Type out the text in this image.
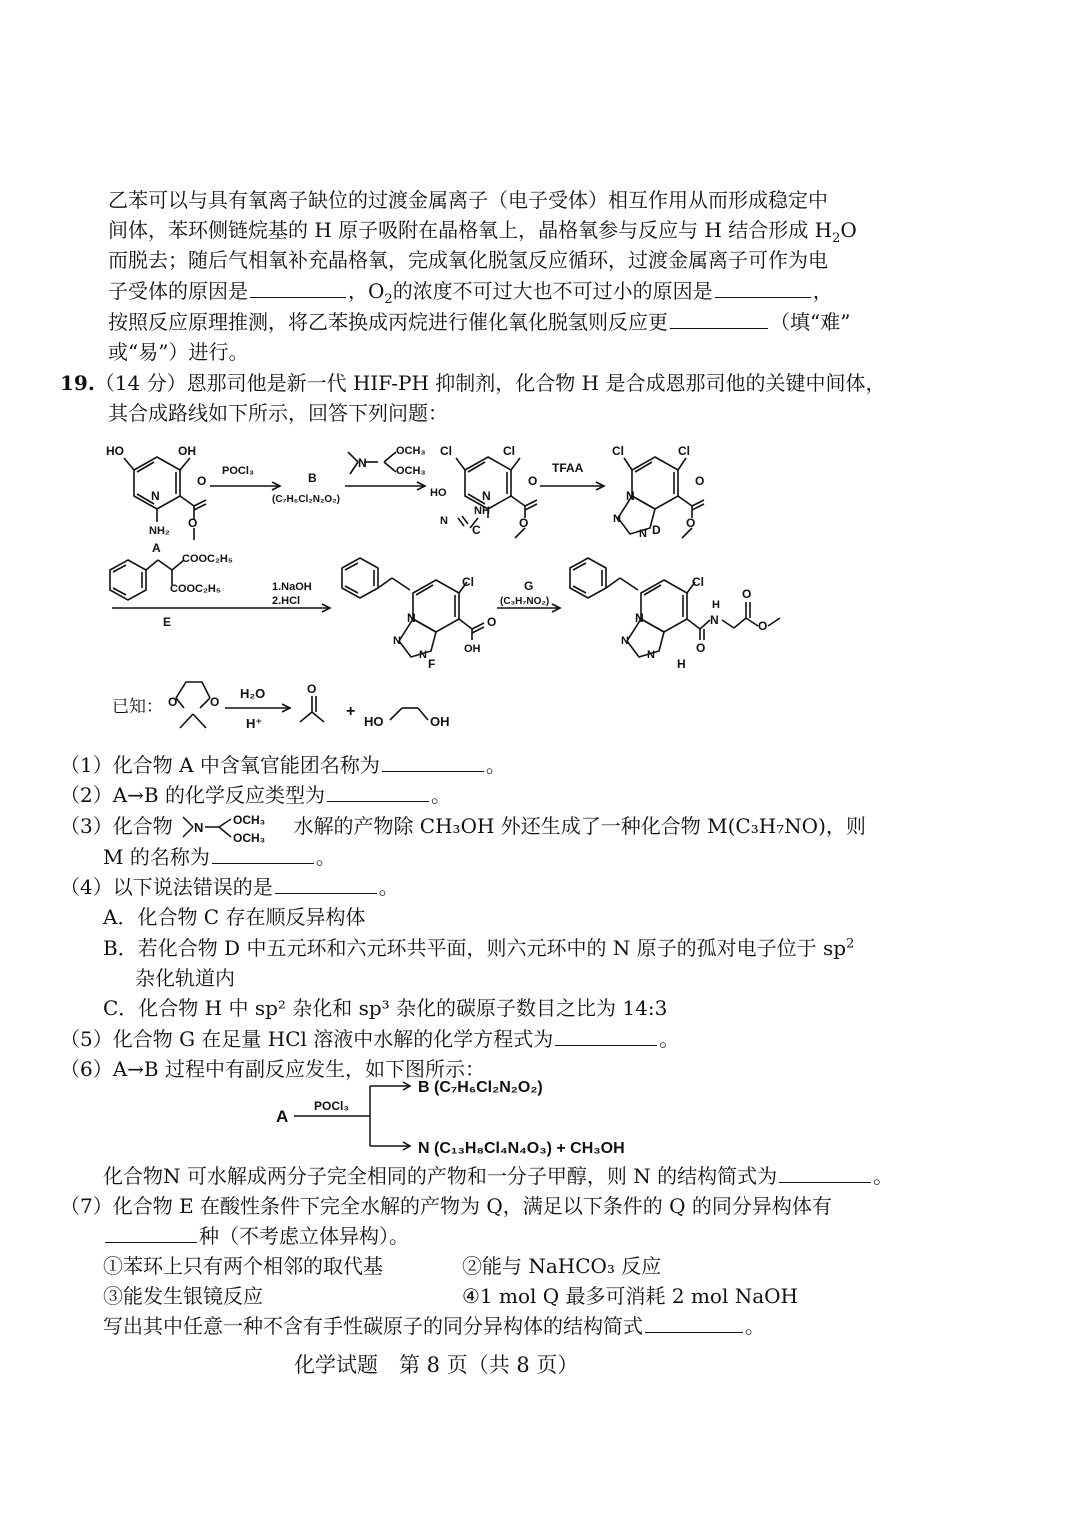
乙苯可以与具有氧离子缺位的过渡金属离子（电子受体）相互作用从而形成稳定中
间体，苯环侧链烷基的 H 原子吸附在晶格氧上，晶格氧参与反应与 H 结合形成 $H_2O$
而脱去；随后气相氧补充晶格氧，完成氧化脱氢反应循环，过渡金属离子可作为电
子受体的原因是	，$O_2$的浓度不可过大也不可过小的原因是	，
按照反应原理推测，将乙苯换成丙烷进行催化氧化脱氢则反应更	（填“难”
或“易”）进行。
19.（14 分）恩那司他是新一代 HIF-PH 抑制剂，化合物 H 是合成恩那司他的关键中间体，
其合成路线如下所示，回答下列问题：
HO	OH
N
NH₂
O
O
A
POCl₃	B
(C₇H₆Cl₂N₂O₂)
N
OCH₃
OCH₃
Cl	Cl
N
O
O
HO
NH
N
C
TFAA
Cl	Cl
N
N
N
O
O
D
COOC₂H₅
COOC₂H₅
E
1.NaOH
2.HCl
Cl
N
N
N
O
OH
F
G
(C₃H₇NO₂)
Cl
N
N
N	O
H
N
O
O
H
已知： O	O
H₂O
H⁺
O
+
HO	OH
（1）化合物 A 中含氧官能团名称为	。
（2）A→B 的化学反应类型为	。
（3）化合物 N OCH₃
OCH₃ 水解的产物除 CH₃OH 外还生成了一种化合物 M(C₃H₇NO)，则
M 的名称为	。
（4）以下说法错误的是	。
A．化合物 C 存在顺反异构体
B．若化合物 D 中五元环和六元环共平面，则六元环中的 N 原子的孤对电子位于 $sp^2$
杂化轨道内
C．化合物 H 中 sp² 杂化和 sp³ 杂化的碳原子数目之比为 14:3
（5）化合物 G 在足量 HCl 溶液中水解的化学方程式为	。
（6）A→B 过程中有副反应发生，如下图所示：
A
POCl₃
B (C₇H₆Cl₂N₂O₂)
N (C₁₃H₈Cl₄N₄O₃) + CH₃OH
化合物N 可水解成两分子完全相同的产物和一分子甲醇，则 N 的结构简式为	。
（7）化合物 E 在酸性条件下完全水解的产物为 Q，满足以下条件的 Q 的同分异构体有
种（不考虑立体异构）。
①苯环上只有两个相邻的取代基	②能与 NaHCO₃ 反应
③能发生银镜反应	④1 mol Q 最多可消耗 2 mol NaOH
写出其中任意一种不含有手性碳原子的同分异构体的结构简式	。
化学试题　第 8 页（共 8 页）
